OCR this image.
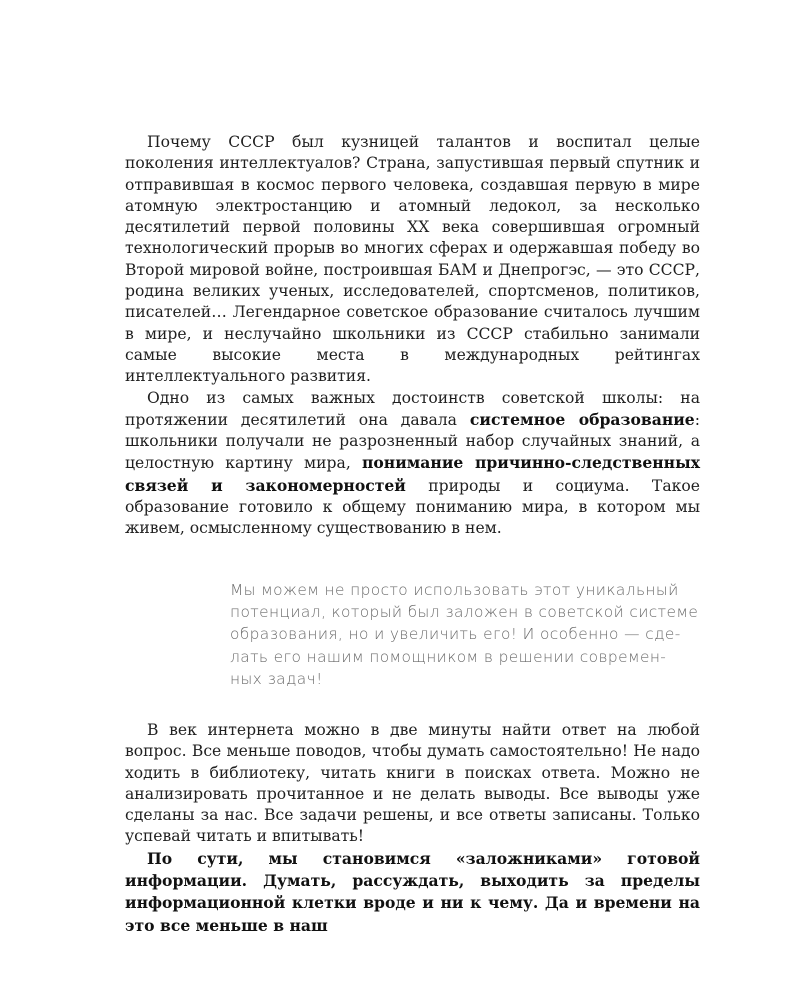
Почему СССР был кузницей талантов и воспитал целые поколения интеллектуалов? Страна, запустившая первый спутник и отправившая в космос первого человека, создавшая первую в мире атомную электростанцию и атомный ледокол, за несколько десятилетий первой половины XX века совершившая огромный технологический прорыв во многих сферах и одержавшая победу во Второй мировой войне, построившая БАМ и Днепрогэс, — это СССР, родина великих ученых, исследователей, спортсменов, политиков, писателей… Легендарное советское образование считалось лучшим в мире, и неслучайно школьники из СССР стабильно занимали самые высокие места в международных рейтингах интеллектуального развития.

Одно из самых важных достоинств советской школы: на протяжении десятилетий она давала системное образование: школьники получали не разрозненный набор случайных знаний, а целостную картину мира, понимание причинно-следственных связей и закономерностей природы и социума. Такое образование готовило к общему пониманию мира, в котором мы живем, осмысленному существованию в нем.

Мы можем не просто использовать этот уникальный
потенциал, который был заложен в советской системе
образования, но и увеличить его! И особенно — сде-
лать его нашим помощником в решении современ-
ных задач!

В век интернета можно в две минуты найти ответ на любой вопрос. Все меньше поводов, чтобы думать самостоятельно! Не надо ходить в библиотеку, читать книги в поисках ответа. Можно не анализировать прочитанное и не делать выводы. Все выводы уже сделаны за нас. Все задачи решены, и все ответы записаны. Только успевай читать и впитывать!

По сути, мы становимся «заложниками» готовой информации. Думать, рассуждать, выходить за пределы информационной клетки вроде и ни к чему. Да и времени на это все меньше в наш
